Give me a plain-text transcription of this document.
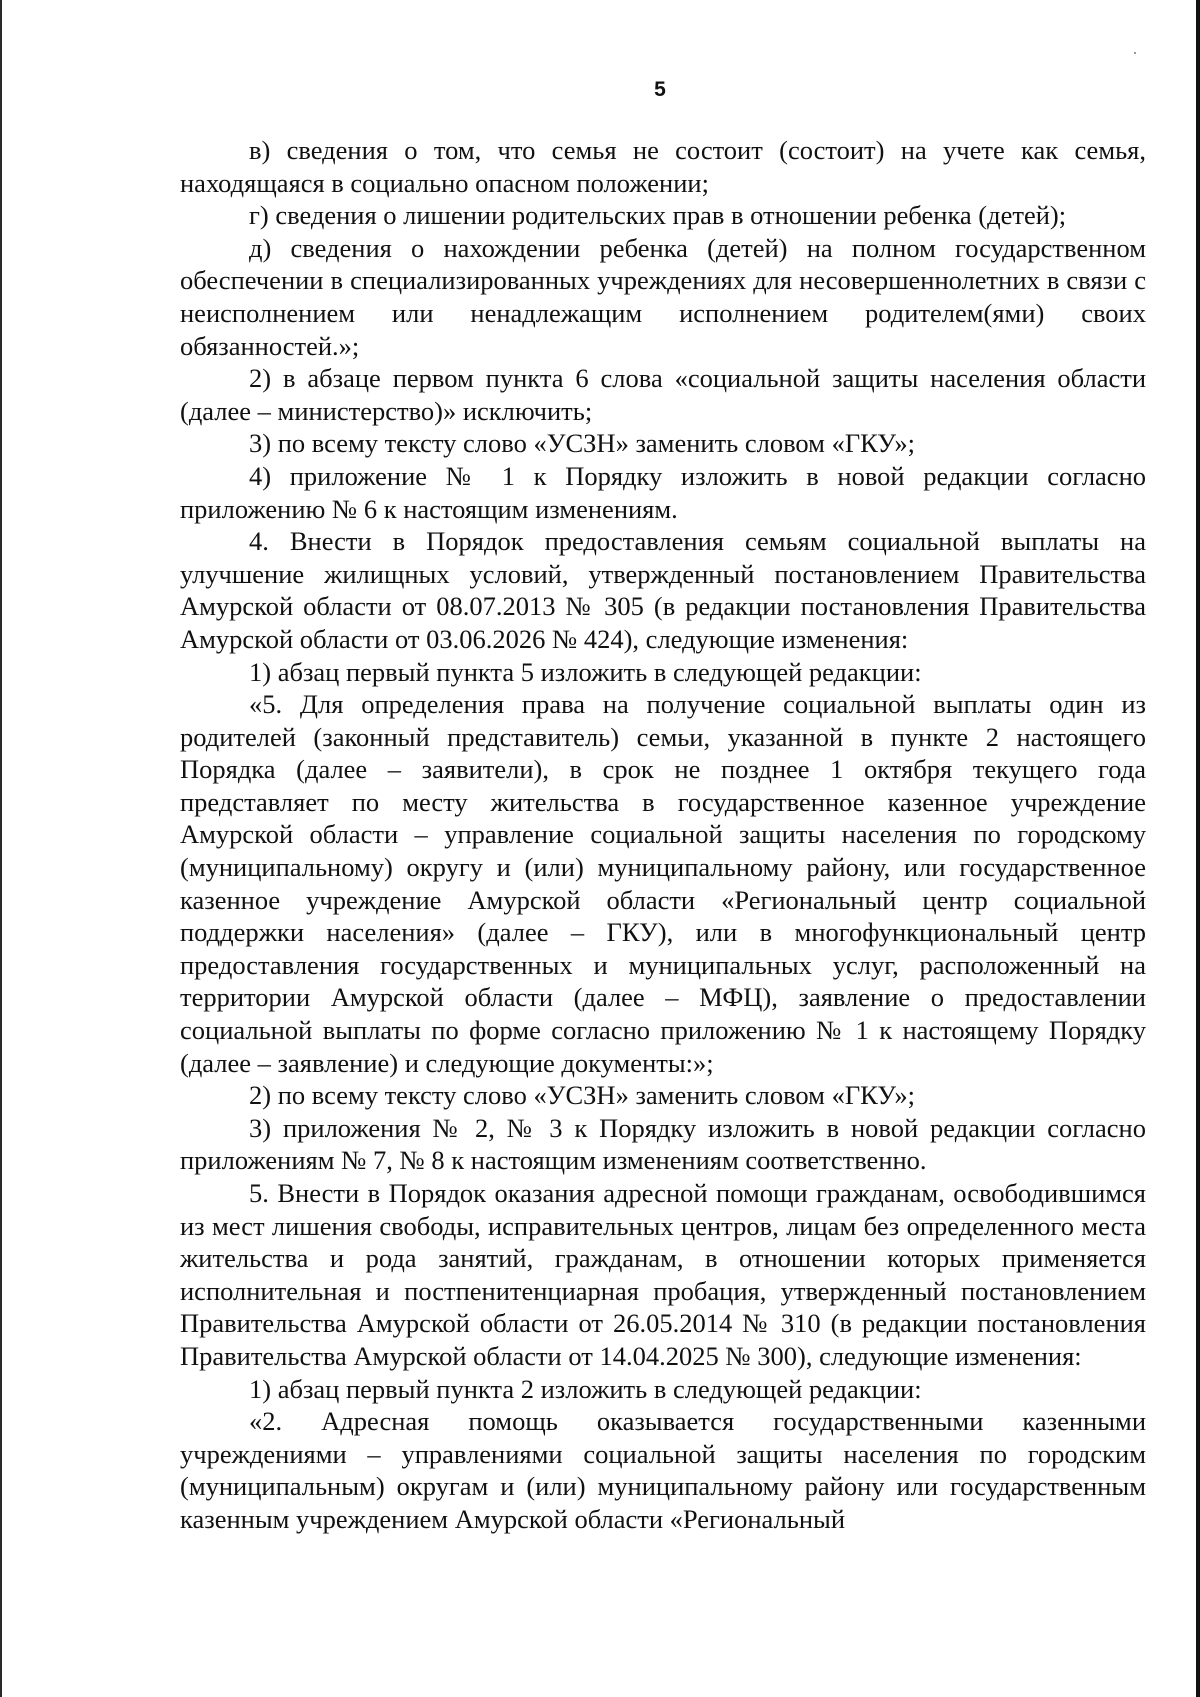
5

в) сведения о том, что семья не состоит (состоит) на учете как семья, находящаяся в социально опасном положении;

г) сведения о лишении родительских прав в отношении ребенка (детей);

д) сведения о нахождении ребенка (детей) на полном государственном обеспечении в специализированных учреждениях для несовершеннолетних в связи с неисполнением или ненадлежащим исполнением родителем(ями) своих обязанностей.»;

2) в абзаце первом пункта 6 слова «социальной защиты населения области (далее – министерство)» исключить;

3) по всему тексту слово «УСЗН» заменить словом «ГКУ»;

4) приложение № 1 к Порядку изложить в новой редакции согласно приложению № 6 к настоящим изменениям.

4. Внести в Порядок предоставления семьям социальной выплаты на улучшение жилищных условий, утвержденный постановлением Правительства Амурской области от 08.07.2013 № 305 (в редакции постановления Правительства Амурской области от 03.06.2026 № 424), следующие изменения:

1) абзац первый пункта 5 изложить в следующей редакции:

«5. Для определения права на получение социальной выплаты один из родителей (законный представитель) семьи, указанной в пункте 2 настоящего Порядка (далее – заявители), в срок не позднее 1 октября текущего года представляет по месту жительства в государственное казенное учреждение Амурской области – управление социальной защиты населения по городскому (муниципальному) округу и (или) муниципальному району, или государственное казенное учреждение Амурской области «Региональный центр социальной поддержки населения» (далее – ГКУ), или в многофункциональный центр предоставления государственных и муниципальных услуг, расположенный на территории Амурской области (далее – МФЦ), заявление о предоставлении социальной выплаты по форме согласно приложению № 1 к настоящему Порядку (далее – заявление) и следующие документы:»;

2) по всему тексту слово «УСЗН» заменить словом «ГКУ»;

3) приложения № 2, № 3 к Порядку изложить в новой редакции согласно приложениям № 7, № 8 к настоящим изменениям соответственно.

5. Внести в Порядок оказания адресной помощи гражданам, освободившимся из мест лишения свободы, исправительных центров, лицам без определенного места жительства и рода занятий, гражданам, в отношении которых применяется исполнительная и постпенитенциарная пробация, утвержденный постановлением Правительства Амурской области от 26.05.2014 № 310 (в редакции постановления Правительства Амурской области от 14.04.2025 № 300), следующие изменения:

1) абзац первый пункта 2 изложить в следующей редакции:

«2. Адресная помощь оказывается государственными казенными учреждениями – управлениями социальной защиты населения по городским (муниципальным) округам и (или) муниципальному району или государственным казенным учреждением Амурской области «Региональный
